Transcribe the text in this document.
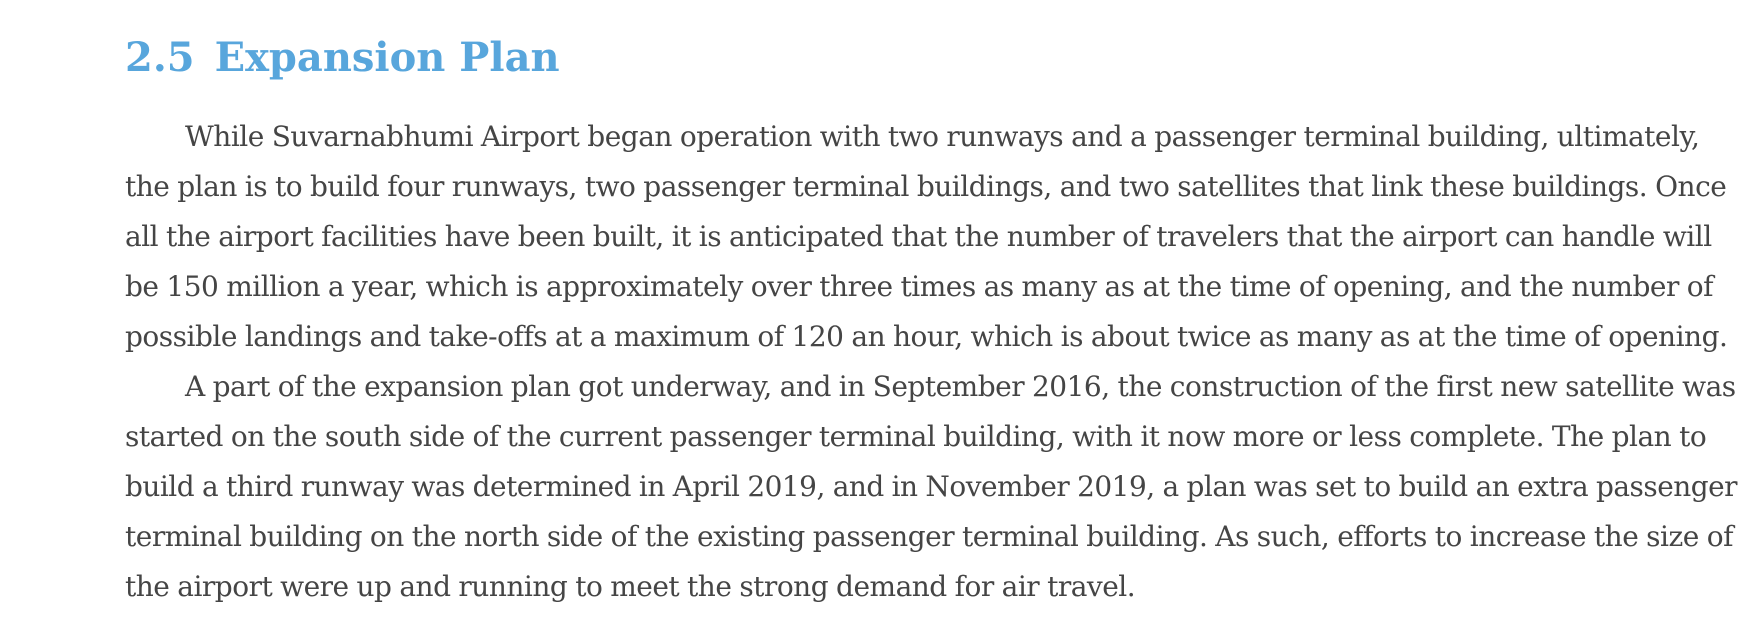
2.5 Expansion Plan

While Suvarnabhumi Airport began operation with two runways and a passenger terminal building, ultimately,
the plan is to build four runways, two passenger terminal buildings, and two satellites that link these buildings. Once
all the airport facilities have been built, it is anticipated that the number of travelers that the airport can handle will
be 150 million a year, which is approximately over three times as many as at the time of opening, and the number of
possible landings and take-offs at a maximum of 120 an hour, which is about twice as many as at the time of opening.

A part of the expansion plan got underway, and in September 2016, the construction of the first new satellite was
started on the south side of the current passenger terminal building, with it now more or less complete. The plan to
build a third runway was determined in April 2019, and in November 2019, a plan was set to build an extra passenger
terminal building on the north side of the existing passenger terminal building. As such, efforts to increase the size of
the airport were up and running to meet the strong demand for air travel.
